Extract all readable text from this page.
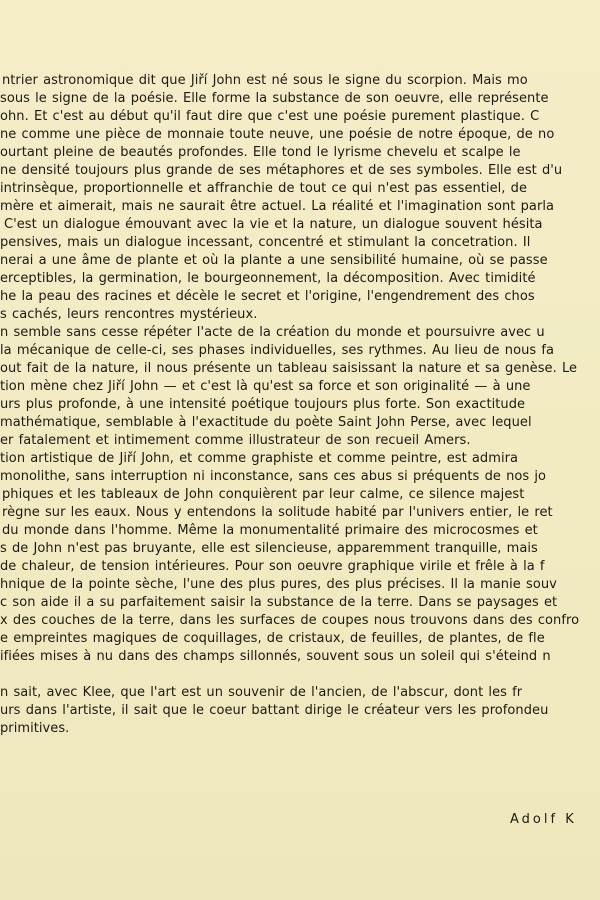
ntrier astronomique dit que Jiří John est né sous le signe du scorpion. Mais mo
sous le signe de la poésie. Elle forme la substance de son oeuvre, elle représente
ohn. Et c'est au début qu'il faut dire que c'est une poésie purement plastique. C
ne comme une pièce de monnaie toute neuve, une poésie de notre époque, de no
ourtant pleine de beautés profondes. Elle tond le lyrisme chevelu et scalpe le
ne densité toujours plus grande de ses métaphores et de ses symboles. Elle est d'u
intrinsèque, proportionnelle et affranchie de tout ce qui n'est pas essentiel, de
mère et aimerait, mais ne saurait être actuel. La réalité et l'imagination sont parla
C'est un dialogue émouvant avec la vie et la nature, un dialogue souvent hésita
pensives, mais un dialogue incessant, concentré et stimulant la concetration. Il
nerai a une âme de plante et où la plante a une sensibilité humaine, où se passe
erceptibles, la germination, le bourgeonnement, la décomposition. Avec timidité
he la peau des racines et décèle le secret et l'origine, l'engendrement des chos
s cachés, leurs rencontres mystérieux.
n semble sans cesse répéter l'acte de la création du monde et poursuivre avec u
la mécanique de celle-ci, ses phases individuelles, ses rythmes. Au lieu de nous fa
out fait de la nature, il nous présente un tableau saisissant la nature et sa genèse. Le
tion mène chez Jiří John — et c'est là qu'est sa force et son originalité — à une
urs plus profonde, à une intensité poétique toujours plus forte. Son exactitude
mathématique, semblable à l'exactitude du poète Saint John Perse, avec lequel
er fatalement et intimement comme illustrateur de son recueil Amers.
tion artistique de Jiří John, et comme graphiste et comme peintre, est admira
monolithe, sans interruption ni inconstance, sans ces abus si préquents de nos jo
phiques et les tableaux de John conquièrent par leur calme, ce silence majest
règne sur les eaux. Nous y entendons la solitude habité par l'univers entier, le ret
du monde dans l'homme. Même la monumentalité primaire des microcosmes et
s de John n'est pas bruyante, elle est silencieuse, apparemment tranquille, mais
de chaleur, de tension intérieures. Pour son oeuvre graphique virile et frêle à la f
hnique de la pointe sèche, l'une des plus pures, des plus précises. Il la manie souv
c son aide il a su parfaitement saisir la substance de la terre. Dans se paysages et
x des couches de la terre, dans les surfaces de coupes nous trouvons dans des confro
e empreintes magiques de coquillages, de cristaux, de feuilles, de plantes, de fle
ifiées mises à nu dans des champs sillonnés, souvent sous un soleil qui s'éteind n
n sait, avec Klee, que l'art est un souvenir de l'ancien, de l'abscur, dont les fr
urs dans l'artiste, il sait que le coeur battant dirige le créateur vers les profondeu
primitives.
Adolf K
